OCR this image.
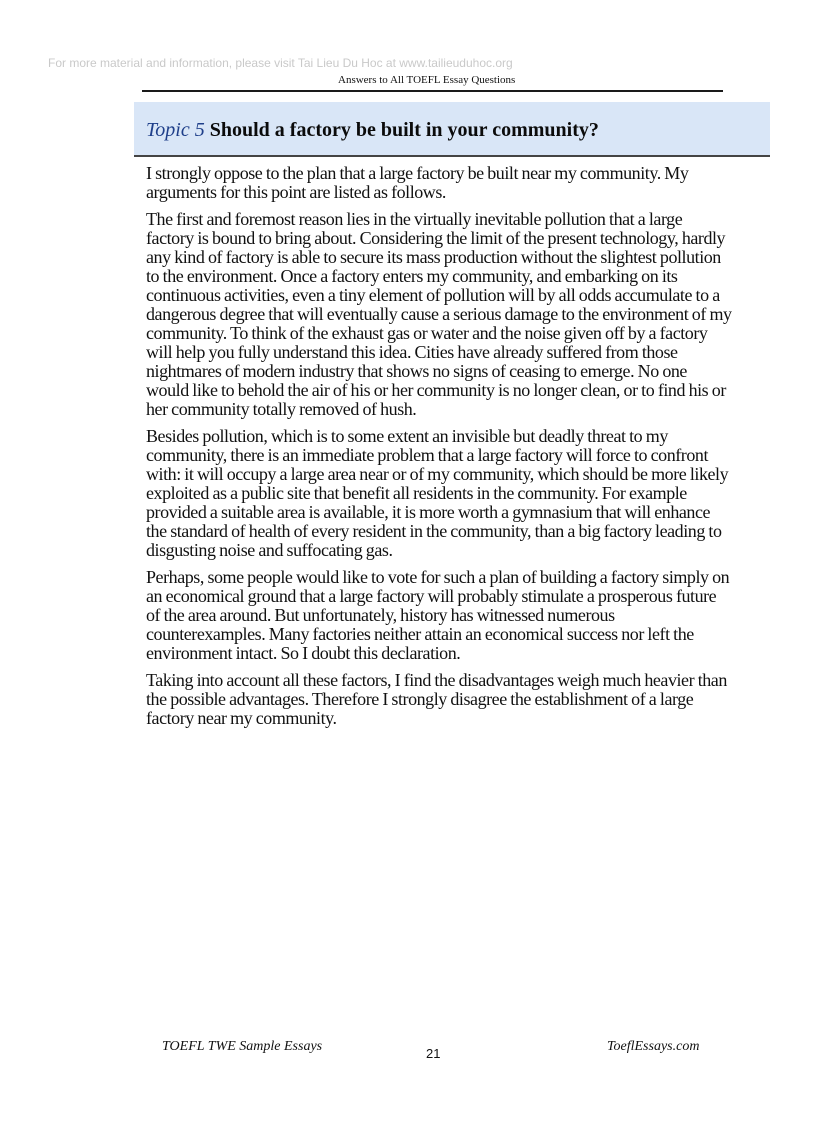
For more material and information, please visit Tai Lieu Du Hoc at www.tailieuduhoc.org
Answers to All TOEFL Essay Questions
Topic 5 Should a factory be built in your community?

I strongly oppose to the plan that a large factory be built near my community. My arguments for this point are listed as follows.

The first and foremost reason lies in the virtually inevitable pollution that a large factory is bound to bring about. Considering the limit of the present technology, hardly any kind of factory is able to secure its mass production without the slightest pollution to the environment. Once a factory enters my community, and embarking on its continuous activities, even a tiny element of pollution will by all odds accumulate to a dangerous degree that will eventually cause a serious damage to the environment of my community. To think of the exhaust gas or water and the noise given off by a factory will help you fully understand this idea. Cities have already suffered from those nightmares of modern industry that shows no signs of ceasing to emerge. No one would like to behold the air of his or her community is no longer clean, or to find his or her community totally removed of hush.

Besides pollution, which is to some extent an invisible but deadly threat to my community, there is an immediate problem that a large factory will force to confront with: it will occupy a large area near or of my community, which should be more likely exploited as a public site that benefit all residents in the community. For example provided a suitable area is available, it is more worth a gymnasium that will enhance the standard of health of every resident in the community, than a big factory leading to disgusting noise and suffocating gas.

Perhaps, some people would like to vote for such a plan of building a factory simply on an economical ground that a large factory will probably stimulate a prosperous future of the area around. But unfortunately, history has witnessed numerous counterexamples. Many factories neither attain an economical success nor left the environment intact. So I doubt this declaration.

Taking into account all these factors, I find the disadvantages weigh much heavier than the possible advantages. Therefore I strongly disagree the establishment of a large factory near my community.

TOEFL TWE Sample Essays	21	ToeflEssays.com
